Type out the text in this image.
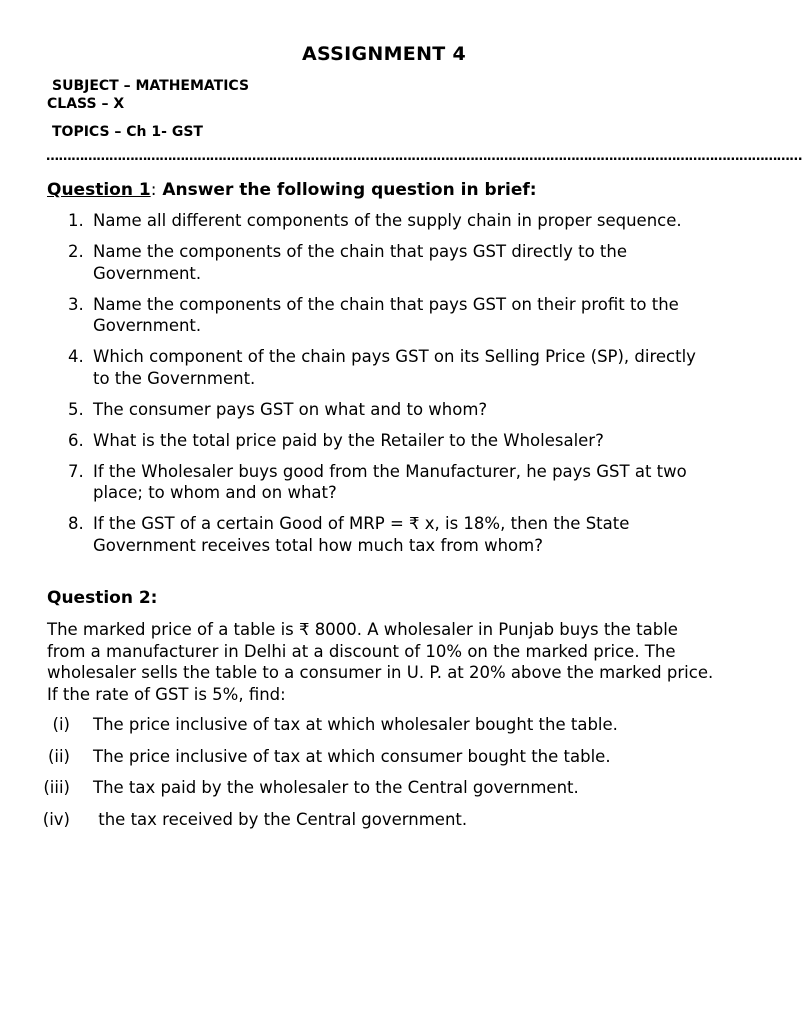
ASSIGNMENT 4
SUBJECT – MATHEMATICS
CLASS – X
TOPICS – Ch 1- GST
………………………………………………………………………………………………………………………………………………………………
Question 1: Answer the following question in brief:
1. Name all different components of the supply chain in proper sequence.
2. Name the components of the chain that pays GST directly to the Government.
3. Name the components of the chain that pays GST on their profit to the Government.
4. Which component of the chain pays GST on its Selling Price (SP), directly to the Government.
5. The consumer pays GST on what and to whom?
6. What is the total price paid by the Retailer to the Wholesaler?
7. If the Wholesaler buys good from the Manufacturer, he pays GST at two place; to whom and on what?
8. If the GST of a certain Good of MRP = ₹ x, is 18%, then the State Government receives total how much tax from whom?
Question 2:
The marked price of a table is ₹ 8000. A wholesaler in Punjab buys the table from a manufacturer in Delhi at a discount of 10% on the marked price. The wholesaler sells the table to a consumer in U. P. at 20% above the marked price. If the rate of GST is 5%, find:
(i) The price inclusive of tax at which wholesaler bought the table.
(ii) The price inclusive of tax at which consumer bought the table.
(iii) The tax paid by the wholesaler to the Central government.
(iv) the tax received by the Central government.
